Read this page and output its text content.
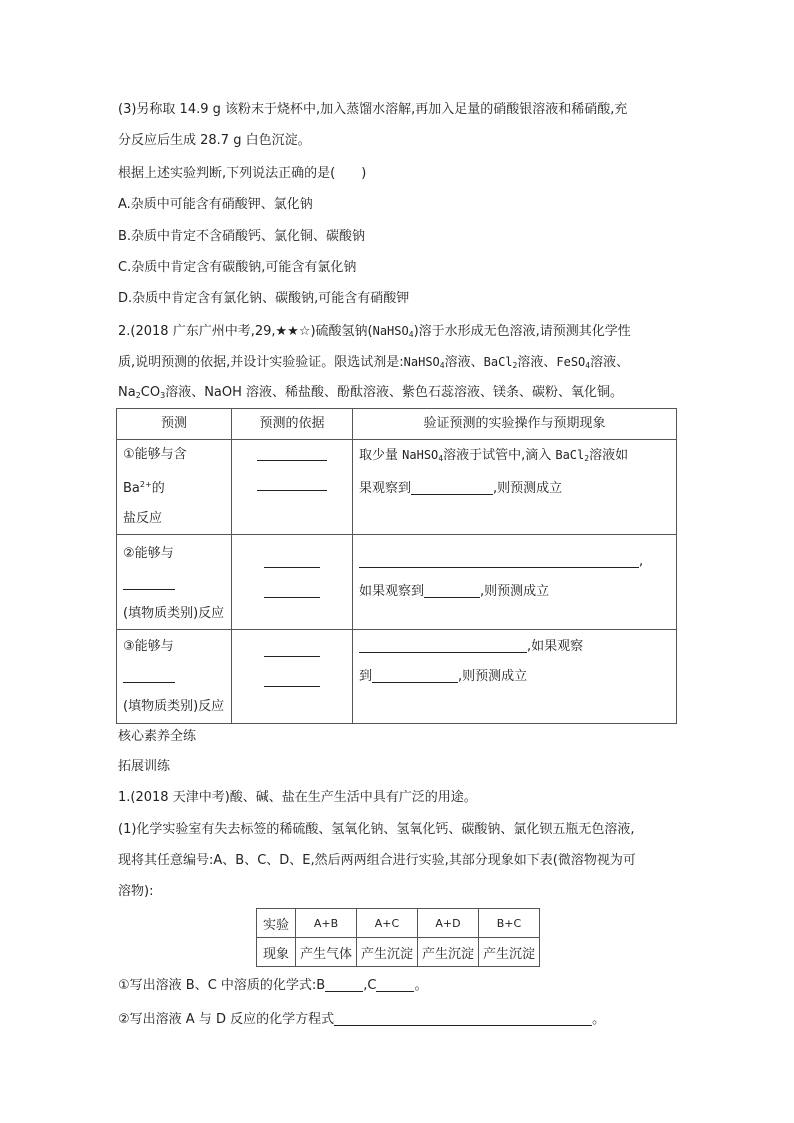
(3)另称取 14.9 g 该粉末于烧杯中,加入蒸馏水溶解,再加入足量的硝酸银溶液和稀硝酸,充
分反应后生成 28.7 g 白色沉淀。
根据上述实验判断,下列说法正确的是(　　)
A.杂质中可能含有硝酸钾、氯化钠
B.杂质中肯定不含硝酸钙、氯化铜、碳酸钠
C.杂质中肯定含有碳酸钠,可能含有氯化钠
D.杂质中肯定含有氯化钠、碳酸钠,可能含有硝酸钾
2.(2018 广东广州中考,29,★★☆)硫酸氢钠(NaHSO$_4$)溶于水形成无色溶液,请预测其化学性
质,说明预测的依据,并设计实验验证。限选试剂是:NaHSO$_4$溶液、BaCl$_2$溶液、FeSO$_4$溶液、
$Na_2CO_3$溶液、NaOH 溶液、稀盐酸、酚酞溶液、紫色石蕊溶液、镁条、碳粉、氧化铜。
预测	预测的依据	验证预测的实验操作与预期现象
①能够与含 $Ba^{2+}$的
盐反应		取少量 NaHSO$_4$溶液于试管中,滴入 BaCl$_2$溶液如
果观察到 ,则预测成立
②能够与
(填物质类别)反应		,
如果观察到 ,则预测成立
③能够与
(填物质类别)反应		,如果观察
到 ,则预测成立
核心素养全练
拓展训练
1.(2018 天津中考)酸、碱、盐在生产生活中具有广泛的用途。
(1)化学实验室有失去标签的稀硫酸、氢氧化钠、氢氧化钙、碳酸钠、氯化钡五瓶无色溶液,
现将其任意编号:A、B、C、D、E,然后两两组合进行实验,其部分现象如下表(微溶物视为可
溶物):
实验	A+B	A+C	A+D	B+C
现象	产生气体	产生沉淀	产生沉淀	产生沉淀
①写出溶液 B、C 中溶质的化学式:B	,C	。
②写出溶液 A 与 D 反应的化学方程式	。
